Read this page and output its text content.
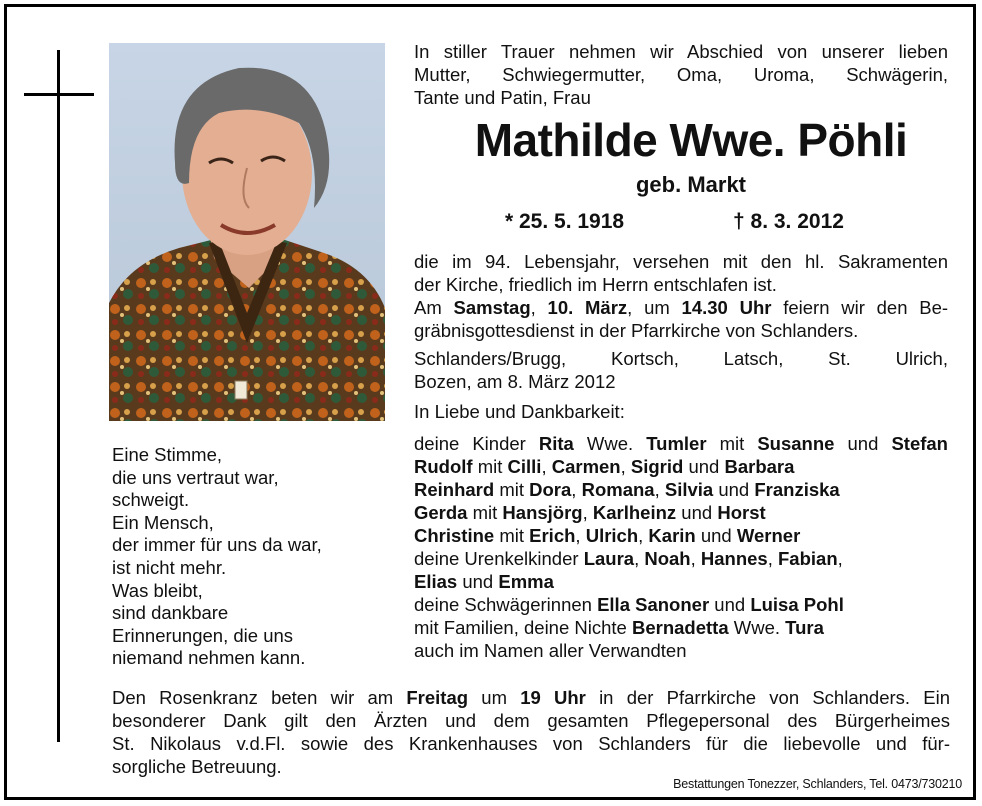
In stiller Trauer nehmen wir Abschied von unserer lieben
Mutter, Schwiegermutter, Oma, Uroma, Schwägerin,
Tante und Patin, Frau
Mathilde Wwe. Pöhli
geb. Markt
* 25. 5. 1918	† 8. 3. 2012
die im 94. Lebensjahr, versehen mit den hl. Sakramenten
der Kirche, friedlich im Herrn entschlafen ist.
Am Samstag, 10. März, um 14.30 Uhr feiern wir den Be-
gräbnisgottesdienst in der Pfarrkirche von Schlanders.
Schlanders/Brugg, Kortsch, Latsch, St. Ulrich,
Bozen, am 8. März 2012
In Liebe und Dankbarkeit:
deine Kinder Rita Wwe. Tumler mit Susanne und Stefan
Rudolf mit Cilli, Carmen, Sigrid und Barbara
Reinhard mit Dora, Romana, Silvia und Franziska
Gerda mit Hansjörg, Karlheinz und Horst
Christine mit Erich, Ulrich, Karin und Werner
deine Urenkelkinder Laura, Noah, Hannes, Fabian,
Elias und Emma
deine Schwägerinnen Ella Sanoner und Luisa Pohl
mit Familien, deine Nichte Bernadetta Wwe. Tura
auch im Namen aller Verwandten
Eine Stimme,
die uns vertraut war,
schweigt.
Ein Mensch,
der immer für uns da war,
ist nicht mehr.
Was bleibt,
sind dankbare
Erinnerungen, die uns
niemand nehmen kann.
Den Rosenkranz beten wir am Freitag um 19 Uhr in der Pfarrkirche von Schlanders. Ein
besonderer Dank gilt den Ärzten und dem gesamten Pflegepersonal des Bürgerheimes
St. Nikolaus v.d.Fl. sowie des Krankenhauses von Schlanders für die liebevolle und für-
sorgliche Betreuung.
Bestattungen Tonezzer, Schlanders, Tel. 0473/730210
